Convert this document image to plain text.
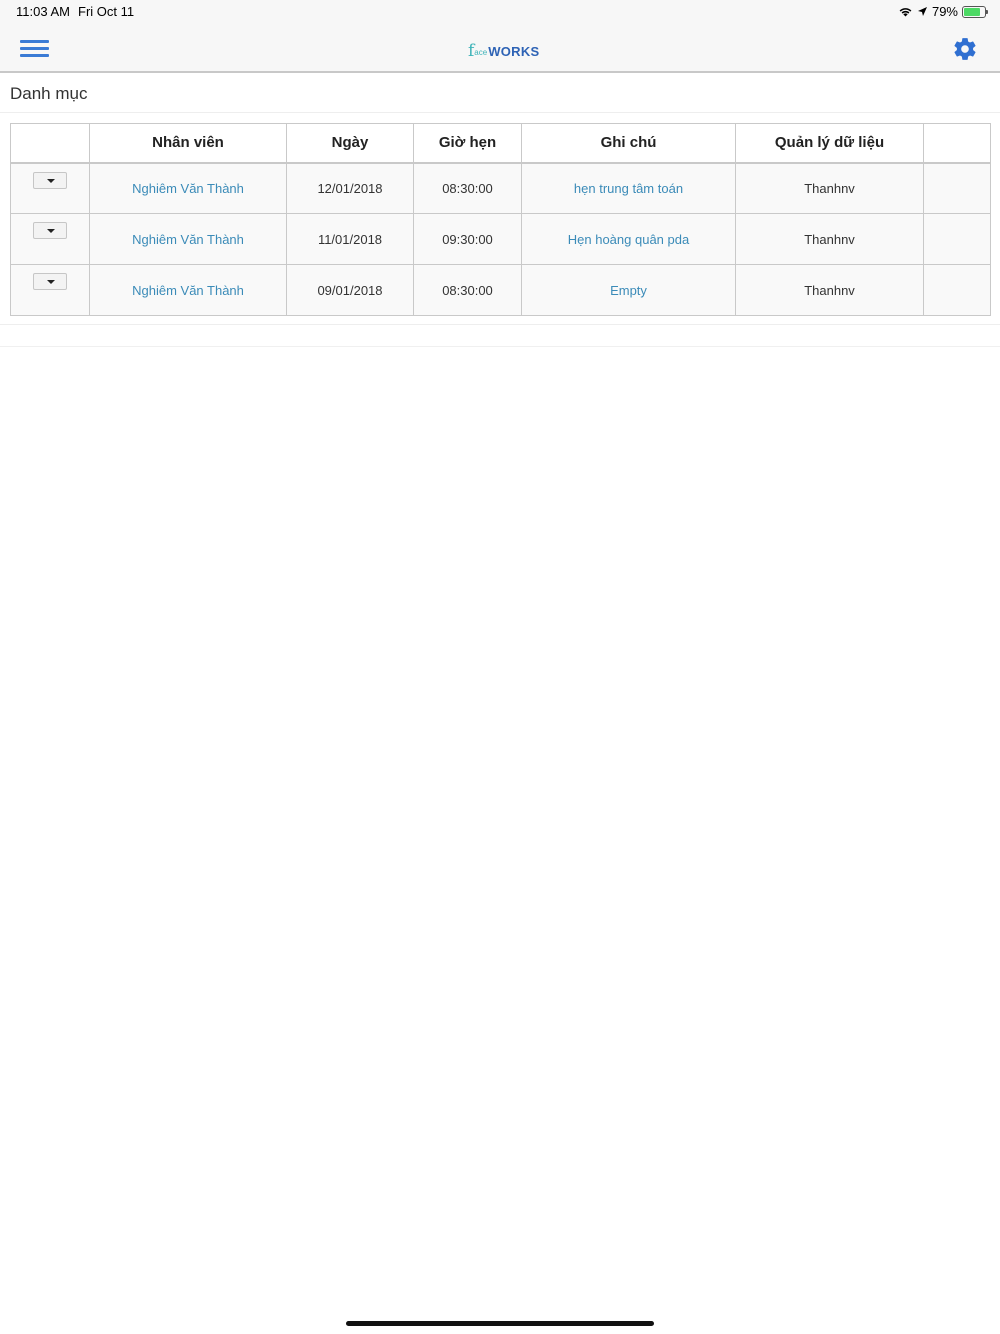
11:03 AM Fri Oct 11	79%
f ace WORKS
Danh mục
	Nhân viên	Ngày	Giờ hẹn	Ghi chú	Quản lý dữ liệu	
	Nghiêm Văn Thành	12/01/2018	08:30:00	hẹn trung tâm toán	Thanhnv	
	Nghiêm Văn Thành	11/01/2018	09:30:00	Hẹn hoàng quân pda	Thanhnv	
	Nghiêm Văn Thành	09/01/2018	08:30:00	Empty	Thanhnv	
